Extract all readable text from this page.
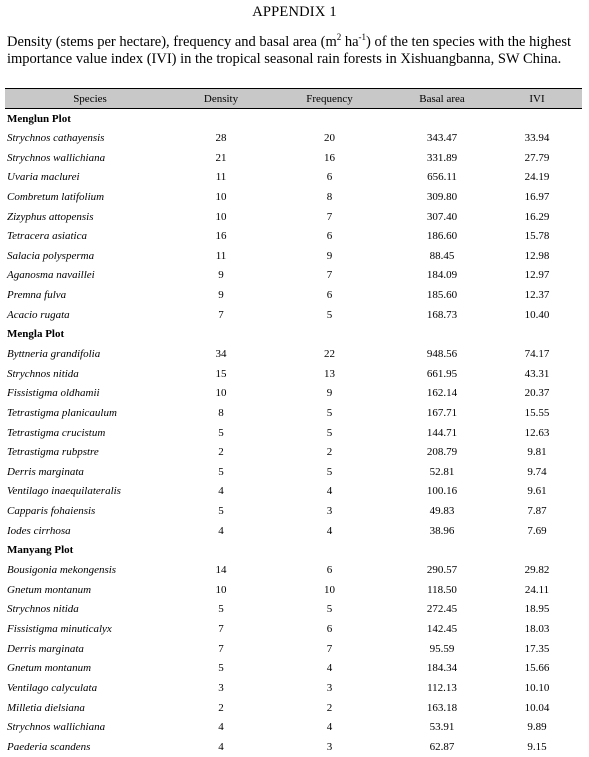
APPENDIX 1
Density (stems per hectare), frequency and basal area ($m^2$ $ha^{-1}$) of the ten species with the highest importance value index (IVI) in the tropical seasonal rain forests in Xishuangbanna, SW China.
Species	Density	Frequency	Basal area	IVI
Menglun Plot				
Strychnos cathayensis	28	20	343.47	33.94
Strychnos wallichiana	21	16	331.89	27.79
Uvaria maclurei	11	6	656.11	24.19
Combretum latifolium	10	8	309.80	16.97
Zizyphus attopensis	10	7	307.40	16.29
Tetracera asiatica	16	6	186.60	15.78
Salacia polysperma	11	9	88.45	12.98
Aganosma navaillei	9	7	184.09	12.97
Premna fulva	9	6	185.60	12.37
Acacio rugata	7	5	168.73	10.40
Mengla Plot				
Byttneria grandifolia	34	22	948.56	74.17
Strychnos nitida	15	13	661.95	43.31
Fissistigma oldhamii	10	9	162.14	20.37
Tetrastigma planicaulum	8	5	167.71	15.55
Tetrastigma crucistum	5	5	144.71	12.63
Tetrastigma rubpstre	2	2	208.79	9.81
Derris marginata	5	5	52.81	9.74
Ventilago inaequilateralis	4	4	100.16	9.61
Capparis fohaiensis	5	3	49.83	7.87
Iodes cirrhosa	4	4	38.96	7.69
Manyang Plot				
Bousigonia mekongensis	14	6	290.57	29.82
Gnetum montanum	10	10	118.50	24.11
Strychnos nitida	5	5	272.45	18.95
Fissistigma minuticalyx	7	6	142.45	18.03
Derris marginata	7	7	95.59	17.35
Gnetum montanum	5	4	184.34	15.66
Ventilago calyculata	3	3	112.13	10.10
Milletia dielsiana	2	2	163.18	10.04
Strychnos wallichiana	4	4	53.91	9.89
Paederia scandens	4	3	62.87	9.15
